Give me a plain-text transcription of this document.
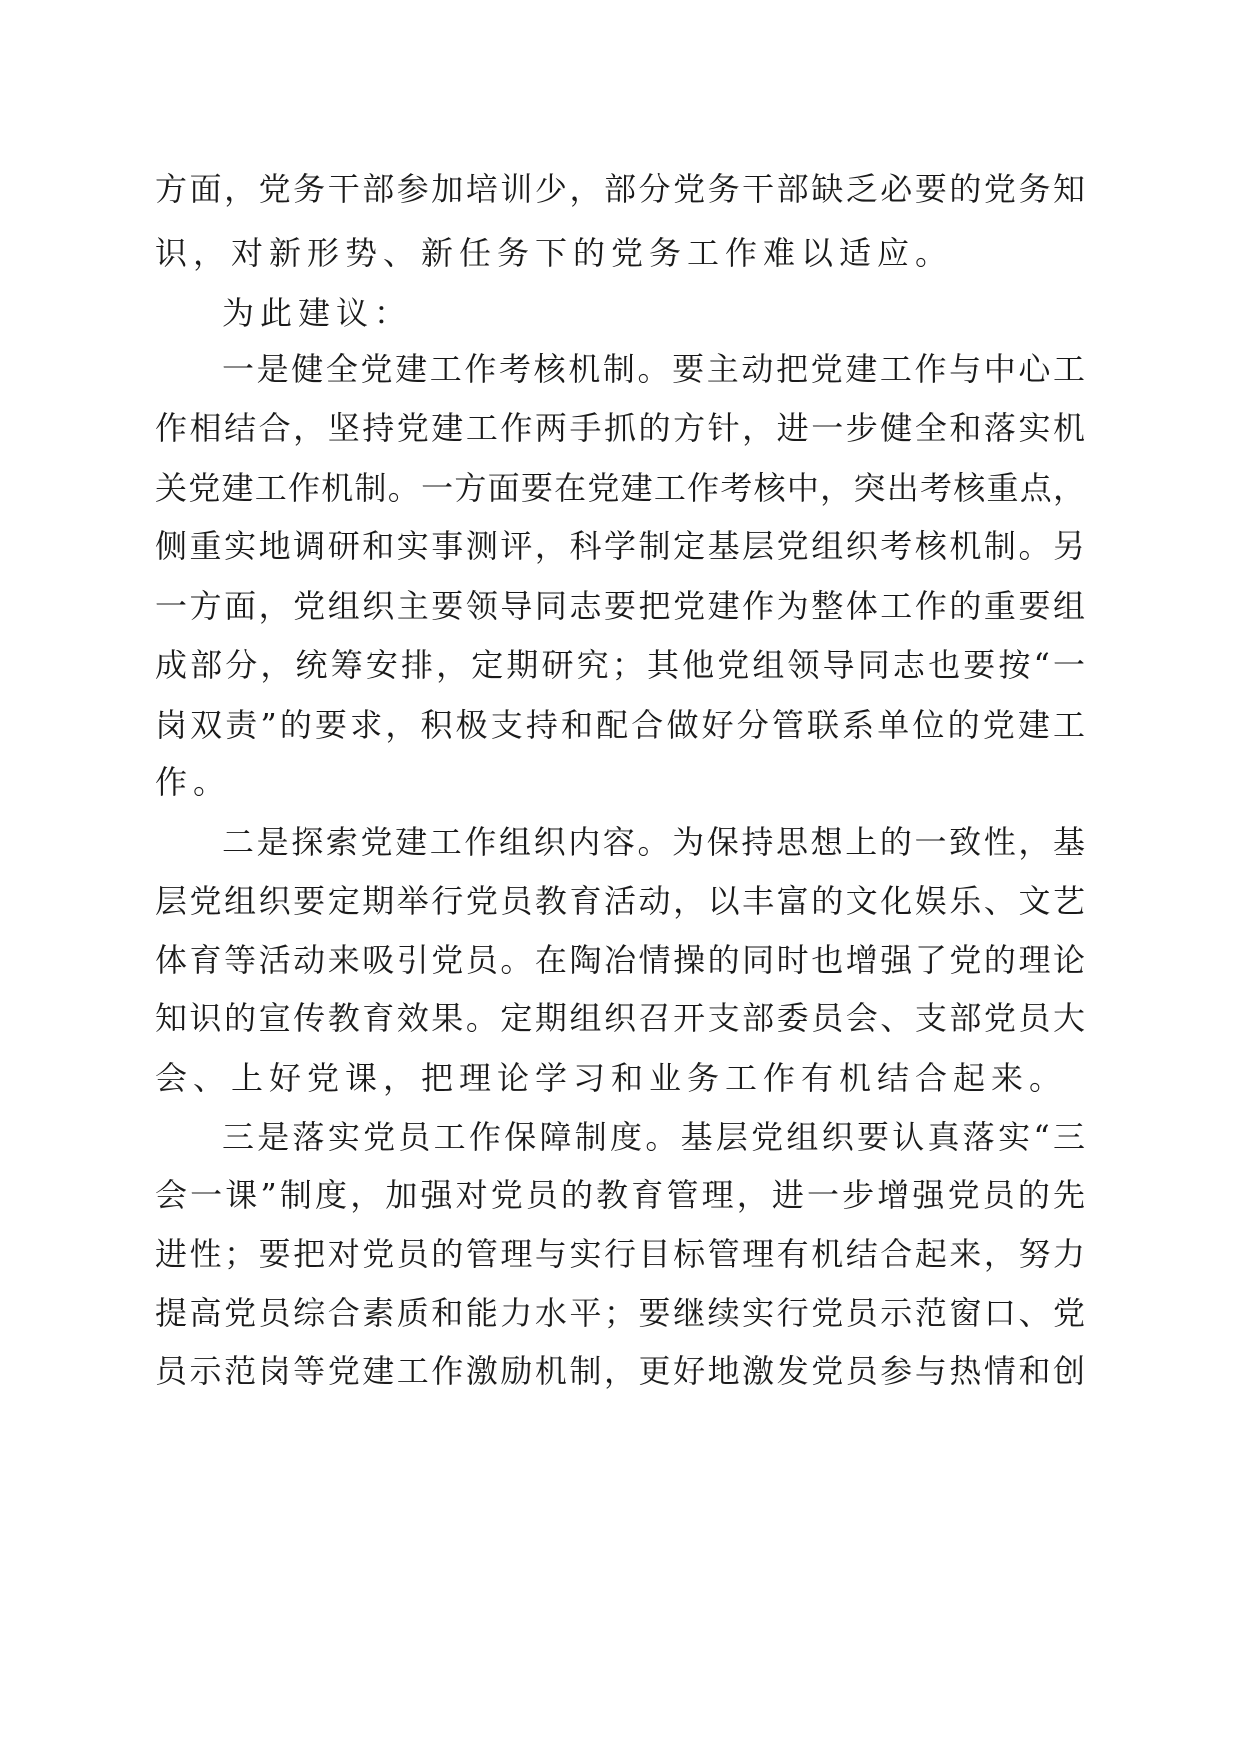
方面，党务干部参加培训少，部分党务干部缺乏必要的党务知
识，对新形势、新任务下的党务工作难以适应。
为此建议：
一是健全党建工作考核机制。要主动把党建工作与中心工
作相结合，坚持党建工作两手抓的方针，进一步健全和落实机
关党建工作机制。一方面要在党建工作考核中，突出考核重点，
侧重实地调研和实事测评，科学制定基层党组织考核机制。另
一方面，党组织主要领导同志要把党建作为整体工作的重要组
成部分，统筹安排，定期研究；其他党组领导同志也要按“一
岗双责”的要求，积极支持和配合做好分管联系单位的党建工
作。
二是探索党建工作组织内容。为保持思想上的一致性，基
层党组织要定期举行党员教育活动，以丰富的文化娱乐、文艺
体育等活动来吸引党员。在陶冶情操的同时也增强了党的理论
知识的宣传教育效果。定期组织召开支部委员会、支部党员大
会、上好党课，把理论学习和业务工作有机结合起来。
三是落实党员工作保障制度。基层党组织要认真落实“三
会一课”制度，加强对党员的教育管理，进一步增强党员的先
进性；要把对党员的管理与实行目标管理有机结合起来，努力
提高党员综合素质和能力水平；要继续实行党员示范窗口、党
员示范岗等党建工作激励机制，更好地激发党员参与热情和创
